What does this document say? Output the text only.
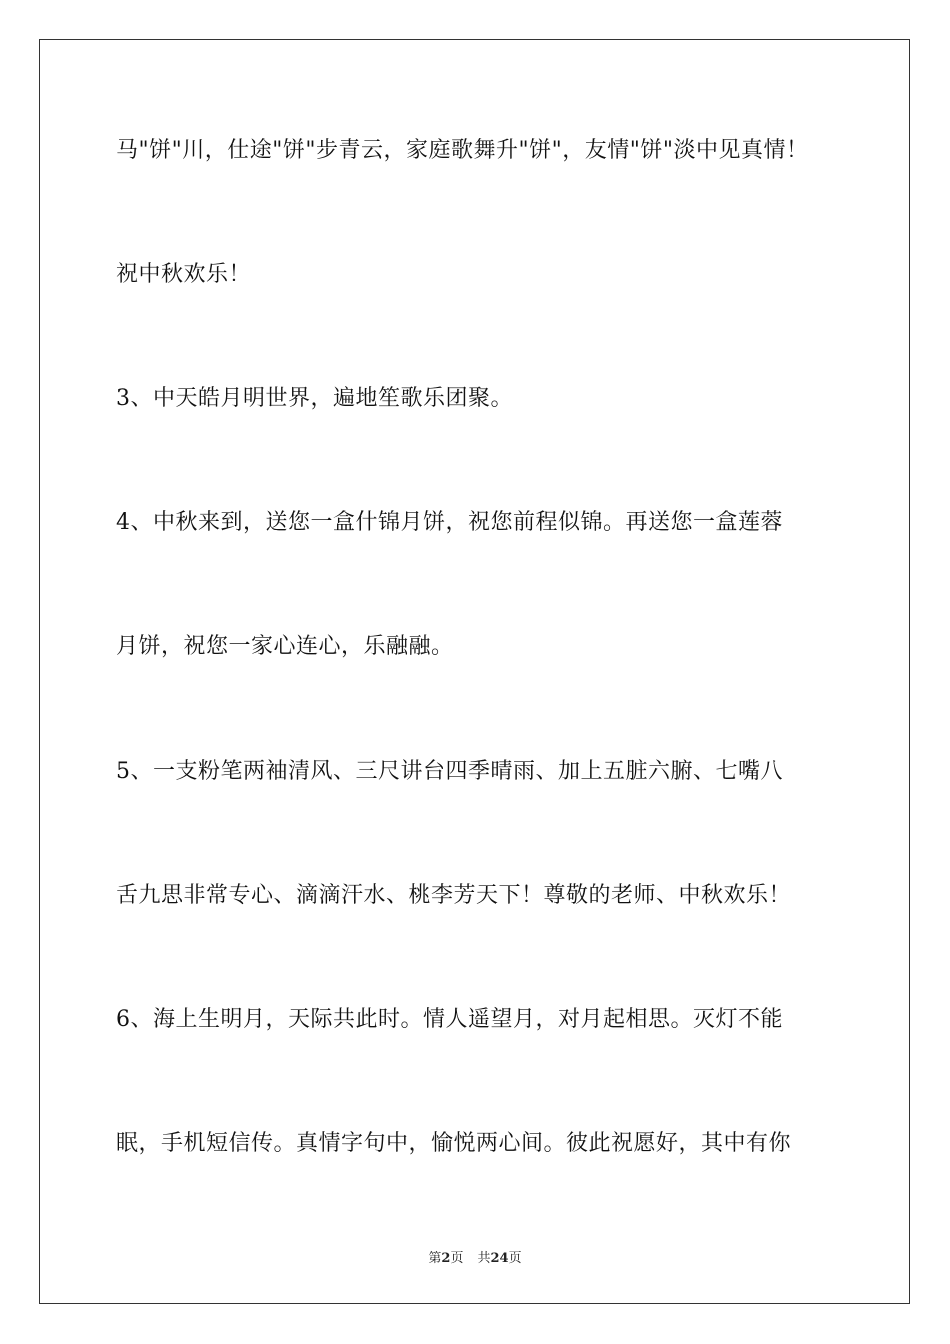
马"饼"川，仕途"饼"步青云，家庭歌舞升"饼"，友情"饼"淡中见真情！
祝中秋欢乐！
3、中天皓月明世界，遍地笙歌乐团聚。
4、中秋来到，送您一盒什锦月饼，祝您前程似锦。再送您一盒莲蓉
月饼，祝您一家心连心，乐融融。
5、一支粉笔两袖清风、三尺讲台四季晴雨、加上五脏六腑、七嘴八
舌九思非常专心、滴滴汗水、桃李芳天下！尊敬的老师、中秋欢乐！
6、海上生明月，天际共此时。情人遥望月，对月起相思。灭灯不能
眠，手机短信传。真情字句中，愉悦两心间。彼此祝愿好，其中有你
第2页 共24页
